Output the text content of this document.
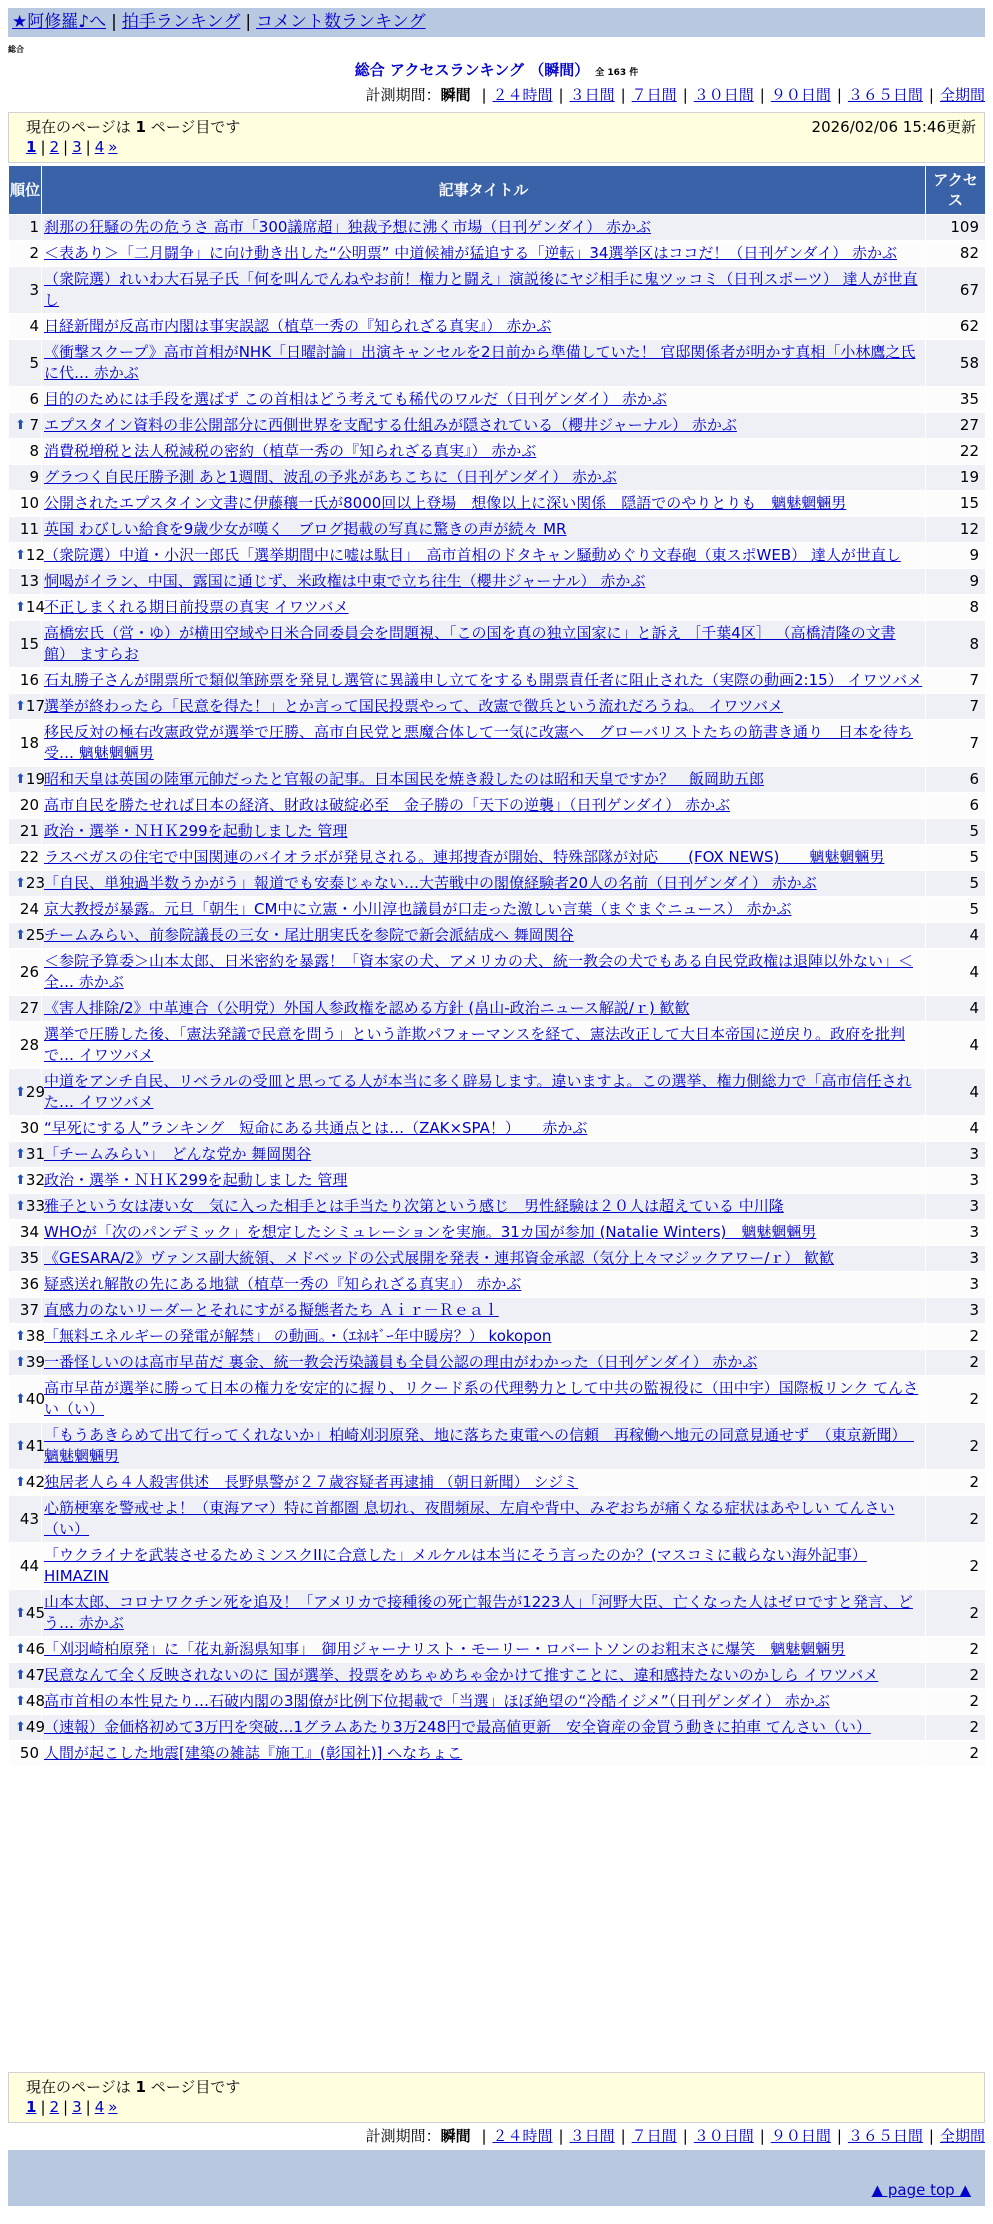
★阿修羅♪へ | 拍手ランキング | コメント数ランキング
総合
総合 アクセスランキング （瞬間） 全 163 件
計測期間：瞬間 | ２４時間 | ３日間 | ７日間 | ３０日間 | ９０日間 | ３６５日間 | 全期間
現在のページは 1 ページ目です	2026/02/06 15:46更新
1 | 2 | 3 | 4 »
順位	記事タイトル	アクセス
1	刹那の狂騒の先の危うさ 高市「300議席超」独裁予想に沸く市場（日刊ゲンダイ） 赤かぶ	109
2	＜表あり＞「二月闘争」に向け動き出した“公明票” 中道候補が猛追する「逆転」34選挙区はココだ！（日刊ゲンダイ） 赤かぶ	82
3	（衆院選）れいわ大石晃子氏「何を叫んでんねやお前！権力と闘え」演説後にヤジ相手に鬼ツッコミ（日刊スポーツ） 達人が世直し	67
4	日経新聞が反高市内閣は事実誤認（植草一秀の『知られざる真実』） 赤かぶ	62
5	《衝撃スクープ》高市首相がNHK「日曜討論」出演キャンセルを2日前から準備していた！ 官邸関係者が明かす真相「小林鷹之氏に代… 赤かぶ	58
6	目的のためには手段を選ばず この首相はどう考えても稀代のワルだ（日刊ゲンダイ） 赤かぶ	35

⬆ 7	エプスタイン資料の非公開部分に西側世界を支配する仕組みが隠されている（櫻井ジャーナル） 赤かぶ	27
8	消費税増税と法人税減税の密約（植草一秀の『知られざる真実』） 赤かぶ	22
9	グラつく自民圧勝予測 あと1週間、波乱の予兆があちこちに（日刊ゲンダイ） 赤かぶ	19
10	公開されたエプスタイン文書に伊藤穰一氏が8000回以上登場　想像以上に深い関係　隠語でのやりとりも　魑魅魍魎男	15
11	英国 わびしい給食を9歳少女が嘆く　ブログ掲載の写真に驚きの声が続々 MR	12

⬆ 12	（衆院選）中道・小沢一郎氏「選挙期間中に嘘は駄目」　高市首相のドタキャン騒動めぐり文春砲（東スポWEB） 達人が世直し	9
13	恫喝がイラン、中国、露国に通じず、米政権は中東で立ち往生（櫻井ジャーナル） 赤かぶ	9

⬆ 14	不正しまくれる期日前投票の真実 イワツバメ	8
15	高橋宏氏（営・ゆ）が横田空域や日米合同委員会を問題視、「この国を真の独立国家に」と訴え ［千葉4区］ （高橋清隆の文書館） ますらお	8
16	石丸勝子さんが開票所で類似筆跡票を発見し選管に異議申し立てをするも開票責任者に阻止された（実際の動画2:15） イワツバメ	7

⬆ 17	選挙が終わったら「民意を得た！」とか言って国民投票やって、改憲で徴兵という流れだろうね。 イワツバメ	7
18	移民反対の極右改憲政党が選挙で圧勝、高市自民党と悪魔合体して一気に改憲へ　グローバリストたちの筋書き通り　日本を待ち受… 魑魅魍魎男	7

⬆ 19	昭和天皇は英国の陸軍元帥だったと官報の記事。日本国民を焼き殺したのは昭和天皇ですか？　飯岡助五郎	6
20	高市自民を勝たせれば日本の経済、財政は破綻必至　金子勝の「天下の逆襲」（日刊ゲンダイ） 赤かぶ	6
21	政治・選挙・ＮＨＫ299を起動しました 管理	5
22	ラスベガスの住宅で中国関連のバイオラボが発見される。連邦捜査が開始、特殊部隊が対応　　(FOX NEWS)　　魑魅魍魎男	5

⬆ 23	「自民、単独過半数うかがう」報道でも安泰じゃない…大苦戦中の閣僚経験者20人の名前（日刊ゲンダイ） 赤かぶ	5
24	京大教授が暴露。元旦「朝生」CM中に立憲・小川淳也議員が口走った激しい言葉（まぐまぐニュース） 赤かぶ	5

⬆ 25	チームみらい、前参院議長の三女・尾辻朋実氏を参院で新会派結成へ 舞岡関谷	4
26	＜参院予算委＞山本太郎、日米密約を暴露！「資本家の犬、アメリカの犬、統一教会の犬でもある自民党政権は退陣以外ない」＜全… 赤かぶ	4
27	《害人排除/2》中革連合（公明党）外国人参政権を認める方針 (畠山-政治ニュース解説/ｒ) 歓歓	4
28	選挙で圧勝した後、「憲法発議で民意を問う」という詐欺パフォーマンスを経て、憲法改正して大日本帝国に逆戻り。政府を批判で… イワツバメ	4

⬆ 29	中道をアンチ自民、リベラルの受皿と思ってる人が本当に多く辟易します。違いますよ。この選挙、権力側総力で「高市信任された… イワツバメ	4
30	“早死にする人”ランキング　短命にある共通点とは…（ZAK×SPA！）　　赤かぶ	4

⬆ 31	「チームみらい」　どんな党か 舞岡関谷	3

⬆ 32	政治・選挙・ＮＨＫ299を起動しました 管理	3

⬆ 33	雅子という女は凄い女＿気に入った相手とは手当たり次第という感じ＿男性経験は２０人は超えている 中川隆	3
34	WHOが「次のパンデミック」を想定したシミュレーションを実施。31カ国が参加 (Natalie Winters)　魑魅魍魎男	3
35	《GESARA/2》ヴァンス副大統領、メドベッドの公式展開を発表・連邦資金承認（気分上々マジックアワー/ｒ） 歓歓	3
36	疑惑送れ解散の先にある地獄（植草一秀の『知られざる真実』） 赤かぶ	3
37	直感力のないリーダーとそれにすがる擬態者たち Ａｉｒ－Ｒｅａｌ	3

⬆ 38	「無料エネルギーの発電が解禁」 の動画。・（ｴﾈﾙｷﾞｰ年中暖房？） kokopon	2

⬆ 39	一番怪しいのは高市早苗だ 裏金、統一教会汚染議員も全員公認の理由がわかった（日刊ゲンダイ） 赤かぶ	2

⬆ 40	高市早苗が選挙に勝って日本の権力を安定的に握り、リクード系の代理勢力として中共の監視役に（田中宇）国際板リンク てんさい（い）	2

⬆ 41	「もうあきらめて出て行ってくれないか」柏崎刈羽原発、地に落ちた東電への信頼　再稼働へ地元の同意見通せず　（東京新聞）　魑魅魍魎男	2

⬆ 42	独居老人ら４人殺害供述　長野県警が２７歳容疑者再逮捕 （朝日新聞） シジミ	2
43	心筋梗塞を警戒せよ！（東海アマ）特に首都圏 息切れ、夜間頻尿、左肩や背中、みぞおちが痛くなる症状はあやしい てんさい（い）	2
44	「ウクライナを武装させるためミンスクIIに合意した」メルケルは本当にそう言ったのか？(マスコミに載らない海外記事） HIMAZIN	2

⬆ 45	山本太郎、コロナワクチン死を追及！「アメリカで接種後の死亡報告が1223人」「河野大臣、亡くなった人はゼロですと発言、どう… 赤かぶ	2

⬆ 46	「刈羽崎柏原発」に「花丸新潟県知事」　御用ジャーナリスト・モーリー・ロバートソンのお粗末さに爆笑　魑魅魍魎男	2

⬆ 47	民意なんて全く反映されないのに 国が選挙、投票をめちゃめちゃ金かけて推すことに、違和感持たないのかしら イワツバメ	2

⬆ 48	高市首相の本性見たり…石破内閣の3閣僚が比例下位掲載で「当選」ほぼ絶望の“冷酷イジメ”（日刊ゲンダイ） 赤かぶ	2

⬆ 49	（速報）金価格初めて3万円を突破…1グラムあたり3万248円で最高値更新　安全資産の金買う動きに拍車 てんさい（い）	2
50	人間が起こした地震[建築の雑誌『施工』(彰国社)] へなちょこ	2
現在のページは 1 ページ目です
1 | 2 | 3 | 4 »
計測期間：瞬間 | ２４時間 | ３日間 | ７日間 | ３０日間 | ９０日間 | ３６５日間 | 全期間
▲ page top ▲
